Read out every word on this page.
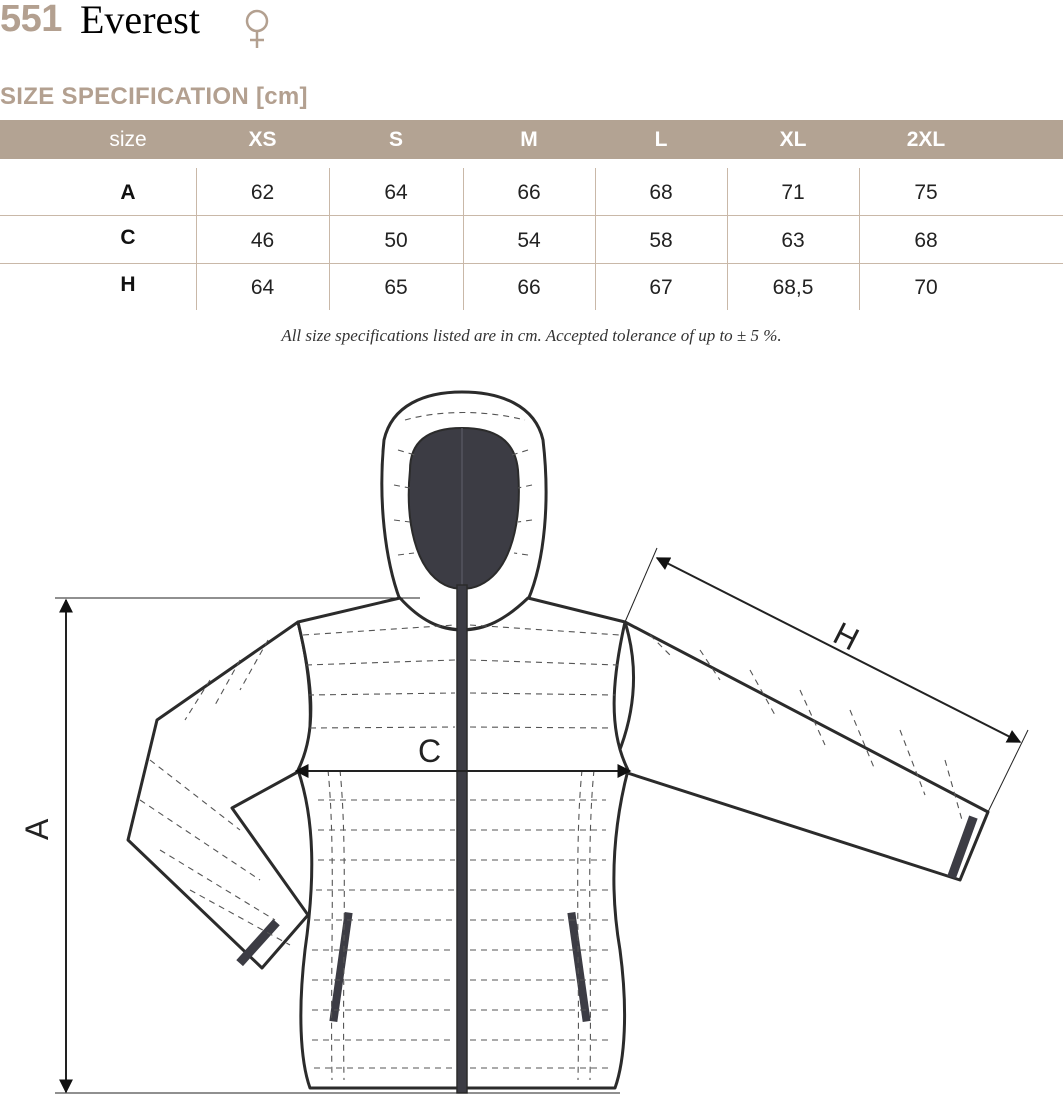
551 Everest
SIZE SPECIFICATION [cm]
size	XS	S	M	L	XL	2XL
A	62	64	66	68	71	75
C	46	50	54	58	63	68
H	64	65	66	67	68,5	70
All size specifications listed are in cm. Accepted tolerance of up to ± 5 %.
A
C
H
